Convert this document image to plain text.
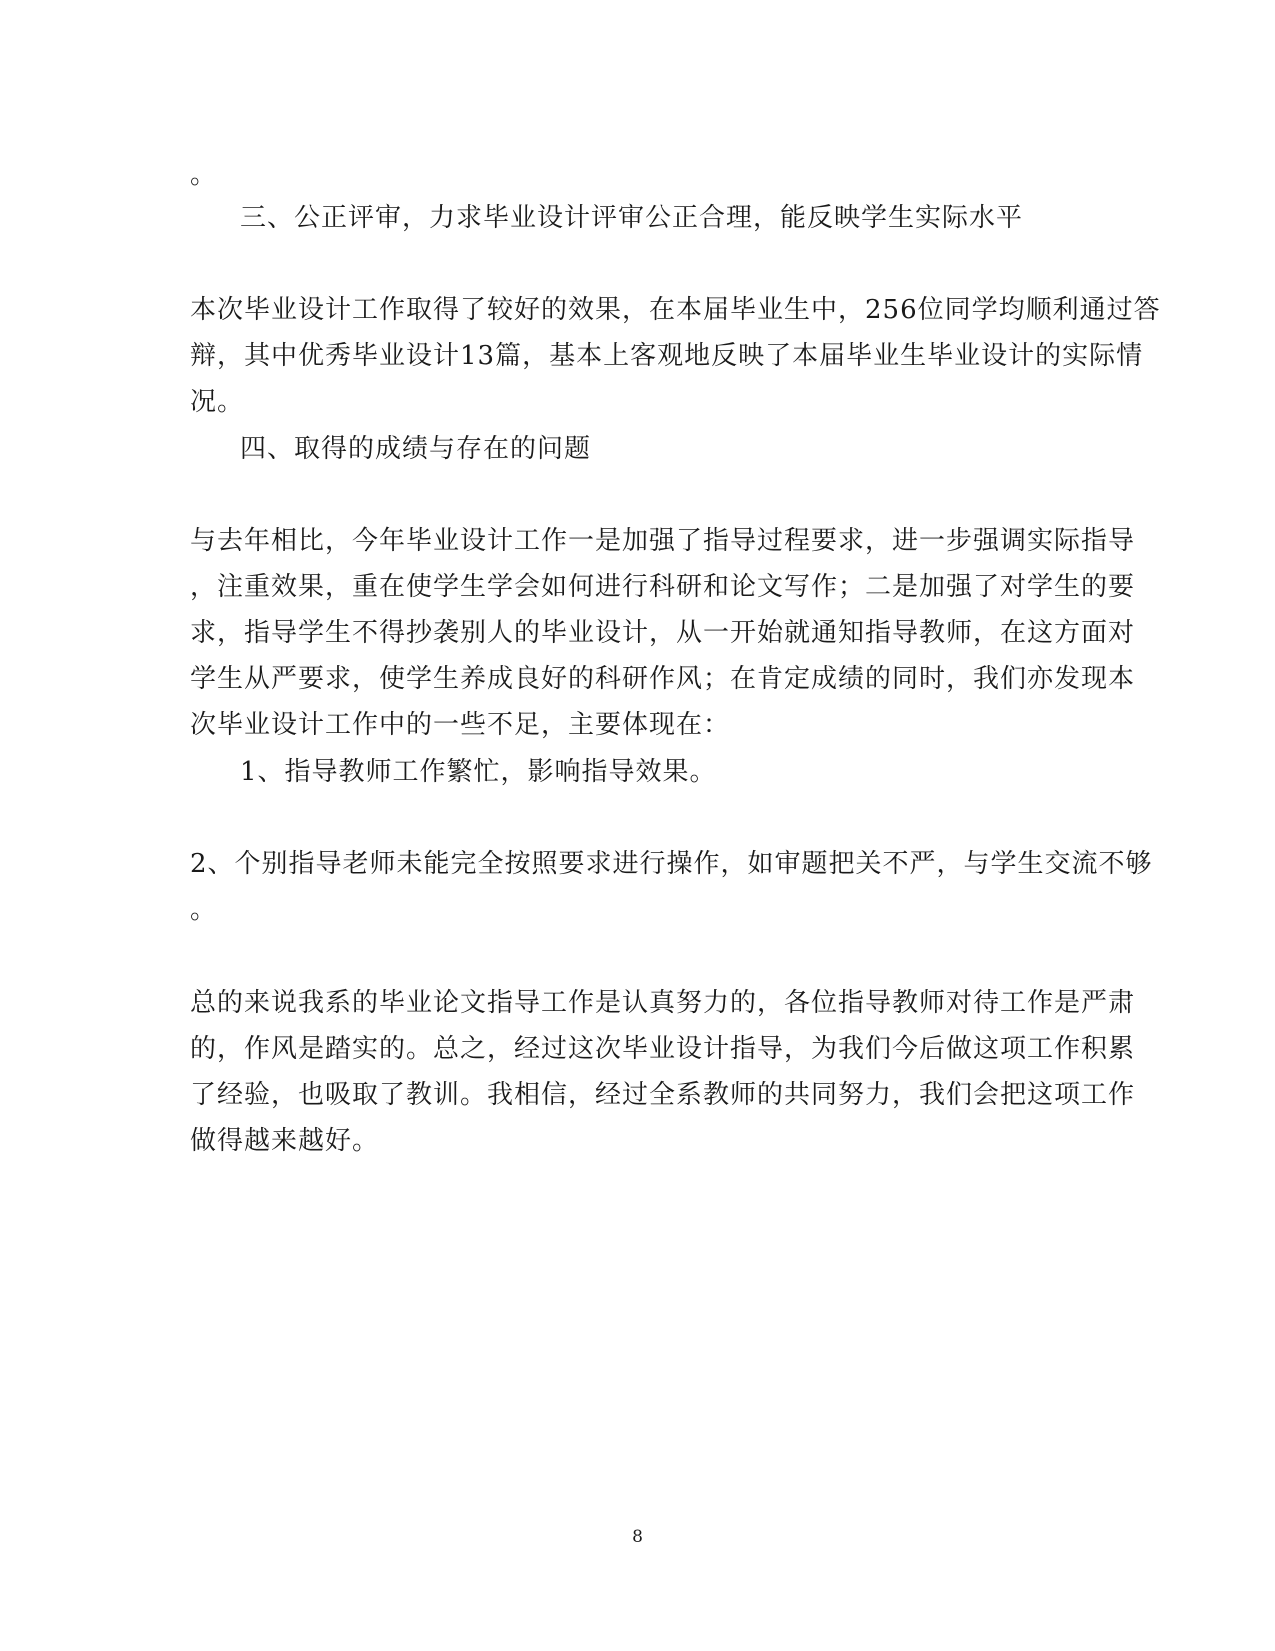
。
三、公正评审，力求毕业设计评审公正合理，能反映学生实际水平
本次毕业设计工作取得了较好的效果，在本届毕业生中，256位同学均顺利通过答
辩，其中优秀毕业设计13篇，基本上客观地反映了本届毕业生毕业设计的实际情
况。
四、取得的成绩与存在的问题
与去年相比，今年毕业设计工作一是加强了指导过程要求，进一步强调实际指导
，注重效果，重在使学生学会如何进行科研和论文写作；二是加强了对学生的要
求，指导学生不得抄袭别人的毕业设计，从一开始就通知指导教师，在这方面对
学生从严要求，使学生养成良好的科研作风；在肯定成绩的同时，我们亦发现本
次毕业设计工作中的一些不足，主要体现在：
1、指导教师工作繁忙，影响指导效果。
2、个别指导老师未能完全按照要求进行操作，如审题把关不严，与学生交流不够
。
总的来说我系的毕业论文指导工作是认真努力的，各位指导教师对待工作是严肃
的，作风是踏实的。总之，经过这次毕业设计指导，为我们今后做这项工作积累
了经验，也吸取了教训。我相信，经过全系教师的共同努力，我们会把这项工作
做得越来越好。
8
